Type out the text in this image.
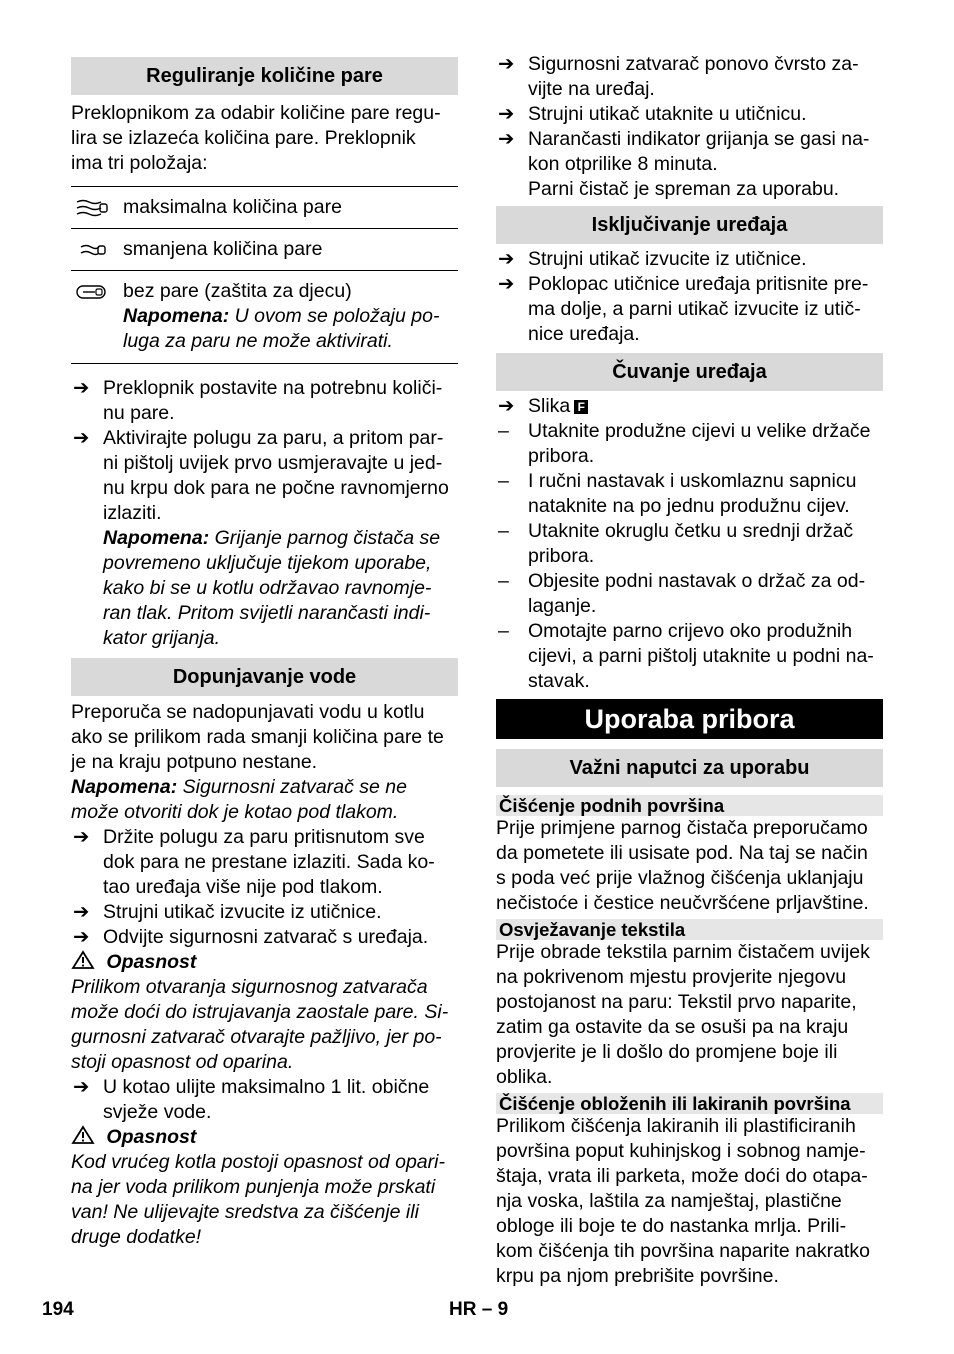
Reguliranje količine pare

Preklopnikom za odabir količine pare regu-
lira se izlazeća količina pare. Preklopnik
ima tri položaja:

maksimalna količina pare
smanjena količina pare
bez pare (zaštita za djecu)
Napomena: U ovom se položaju po-
luga za paru ne može aktivirati.
➔ Preklopnik postavite na potrebnu količi-
nu pare.
➔ Aktivirajte polugu za paru, a pritom par-
ni pištolj uvijek prvo usmjeravajte u jed-
nu krpu dok para ne počne ravnomjerno
izlaziti.
Napomena: Grijanje parnog čistača se
povremeno uključuje tijekom uporabe,
kako bi se u kotlu održavao ravnomje-
ran tlak. Pritom svijetli narančasti indi-
kator grijanja.
Dopunjavanje vode

Preporuča se nadopunjavati vodu u kotlu
ako se prilikom rada smanji količina pare te
je na kraju potpuno nestane.
Napomena: Sigurnosni zatvarač se ne
može otvoriti dok je kotao pod tlakom.

➔ Držite polugu za paru pritisnutom sve
dok para ne prestane izlaziti. Sada ko-
tao uređaja više nije pod tlakom.
➔ Strujni utikač izvucite iz utičnice.
➔ Odvijte sigurnosni zatvarač s uređaja.
Opasnost
Prilikom otvaranja sigurnosnog zatvarača
može doći do istrujavanja zaostale pare. Si-
gurnosni zatvarač otvarajte pažljivo, jer po-
stoji opasnost od oparina.
➔ U kotao ulijte maksimalno 1 lit. obične
svježe vode.
Opasnost
Kod vrućeg kotla postoji opasnost od opari-
na jer voda prilikom punjenja može prskati
van! Ne ulijevajte sredstva za čišćenje ili
druge dodatke!
➔ Sigurnosni zatvarač ponovo čvrsto za-
vijte na uređaj.
➔ Strujni utikač utaknite u utičnicu.
➔ Narančasti indikator grijanja se gasi na-
kon otprilike 8 minuta.
Parni čistač je spreman za uporabu.
Isključivanje uređaja
➔ Strujni utikač izvucite iz utičnice.
➔ Poklopac utičnice uređaja pritisnite pre-
ma dolje, a parni utikač izvucite iz utič-
nice uređaja.
Čuvanje uređaja
➔ Slika F
– Utaknite produžne cijevi u velike držače
pribora.
– I ručni nastavak i uskomlaznu sapnicu
nataknite na po jednu produžnu cijev.
– Utaknite okruglu četku u srednji držač
pribora.
– Objesite podni nastavak o držač za od-
laganje.
– Omotajte parno crijevo oko produžnih
cijevi, a parni pištolj utaknite u podni na-
stavak.
Uporaba pribora
Važni naputci za uporabu
Čišćenje podnih površina

Prije primjene parnog čistača preporučamo
da pometete ili usisate pod. Na taj se način
s poda već prije vlažnog čišćenja uklanjaju
nečistoće i čestice neučvršćene prljavštine.

Osvježavanje tekstila

Prije obrade tekstila parnim čistačem uvijek
na pokrivenom mjestu provjerite njegovu
postojanost na paru: Tekstil prvo naparite,
zatim ga ostavite da se osuši pa na kraju
provjerite je li došlo do promjene boje ili
oblika.

Čišćenje obloženih ili lakiranih površina

Prilikom čišćenja lakiranih ili plastificiranih
površina poput kuhinjskog i sobnog namje-
štaja, vrata ili parketa, može doći do otapa-
nja voska, laštila za namještaj, plastične
obloge ili boje te do nastanka mrlja. Prili-
kom čišćenja tih površina naparite nakratko
krpu pa njom prebrišite površine.

194	HR – 9
